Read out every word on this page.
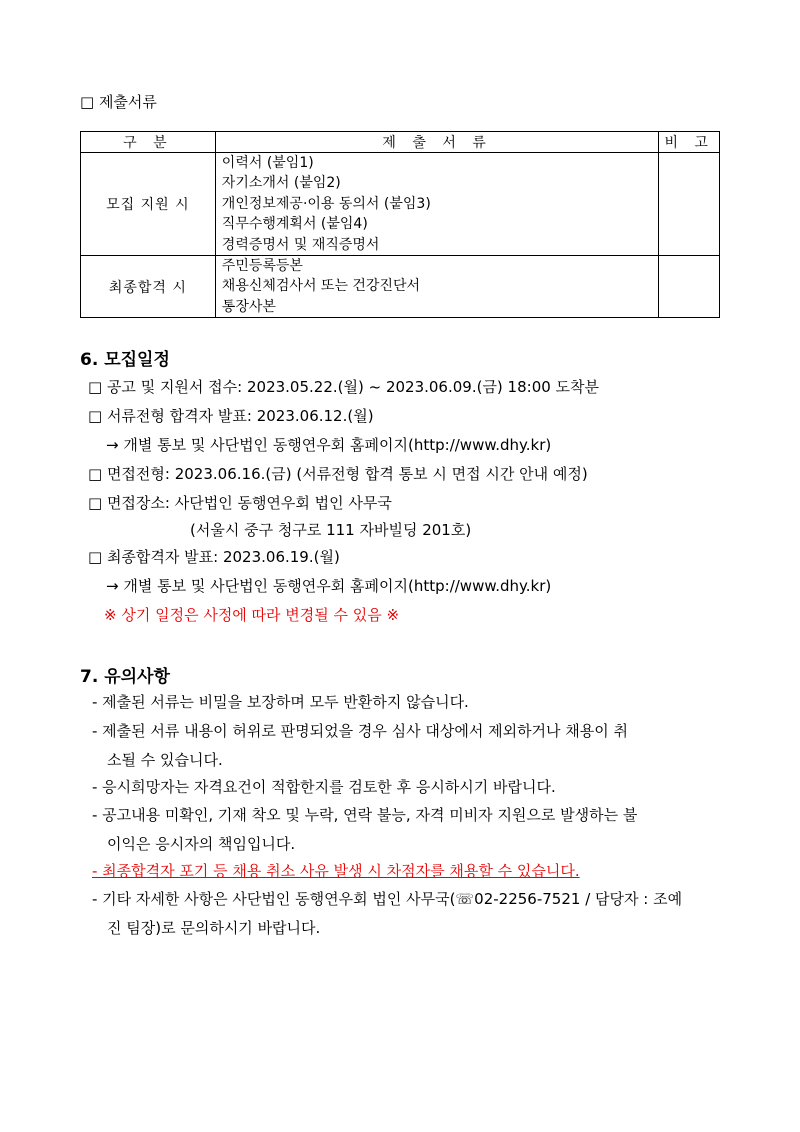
□ 제출서류
구 분	제 출 서 류	비 고
모집 지원 시	이력서 (붙임1)
자기소개서 (붙임2)
개인정보제공·이용 동의서 (붙임3)
직무수행계획서 (붙임4)
경력증명서 및 재직증명서	

최종합격 시	주민등록등본
채용신체검사서 또는 건강진단서
통장사본	

6. 모집일정
□ 공고 및 지원서 접수: 2023.05.22.(월) ~ 2023.06.09.(금) 18:00 도착분
□ 서류전형 합격자 발표: 2023.06.12.(월)
→ 개별 통보 및 사단법인 동행연우회 홈페이지(http://www.dhy.kr)
□ 면접전형: 2023.06.16.(금) (서류전형 합격 통보 시 면접 시간 안내 예정)
□ 면접장소: 사단법인 동행연우회 법인 사무국
(서울시 중구 청구로 111 자바빌딩 201호)
□ 최종합격자 발표: 2023.06.19.(월)
→ 개별 통보 및 사단법인 동행연우회 홈페이지(http://www.dhy.kr)
※ 상기 일정은 사정에 따라 변경될 수 있음 ※
7. 유의사항
- 제출된 서류는 비밀을 보장하며 모두 반환하지 않습니다.
- 제출된 서류 내용이 허위로 판명되었을 경우 심사 대상에서 제외하거나 채용이 취
소될 수 있습니다.
- 응시희망자는 자격요건이 적합한지를 검토한 후 응시하시기 바랍니다.
- 공고내용 미확인, 기재 착오 및 누락, 연락 불능, 자격 미비자 지원으로 발생하는 불
이익은 응시자의 책임입니다.
- 최종합격자 포기 등 채용 취소 사유 발생 시 차점자를 채용할 수 있습니다.
- 기타 자세한 사항은 사단법인 동행연우회 법인 사무국(☏02-2256-7521 / 담당자 : 조예
진 팀장)로 문의하시기 바랍니다.
